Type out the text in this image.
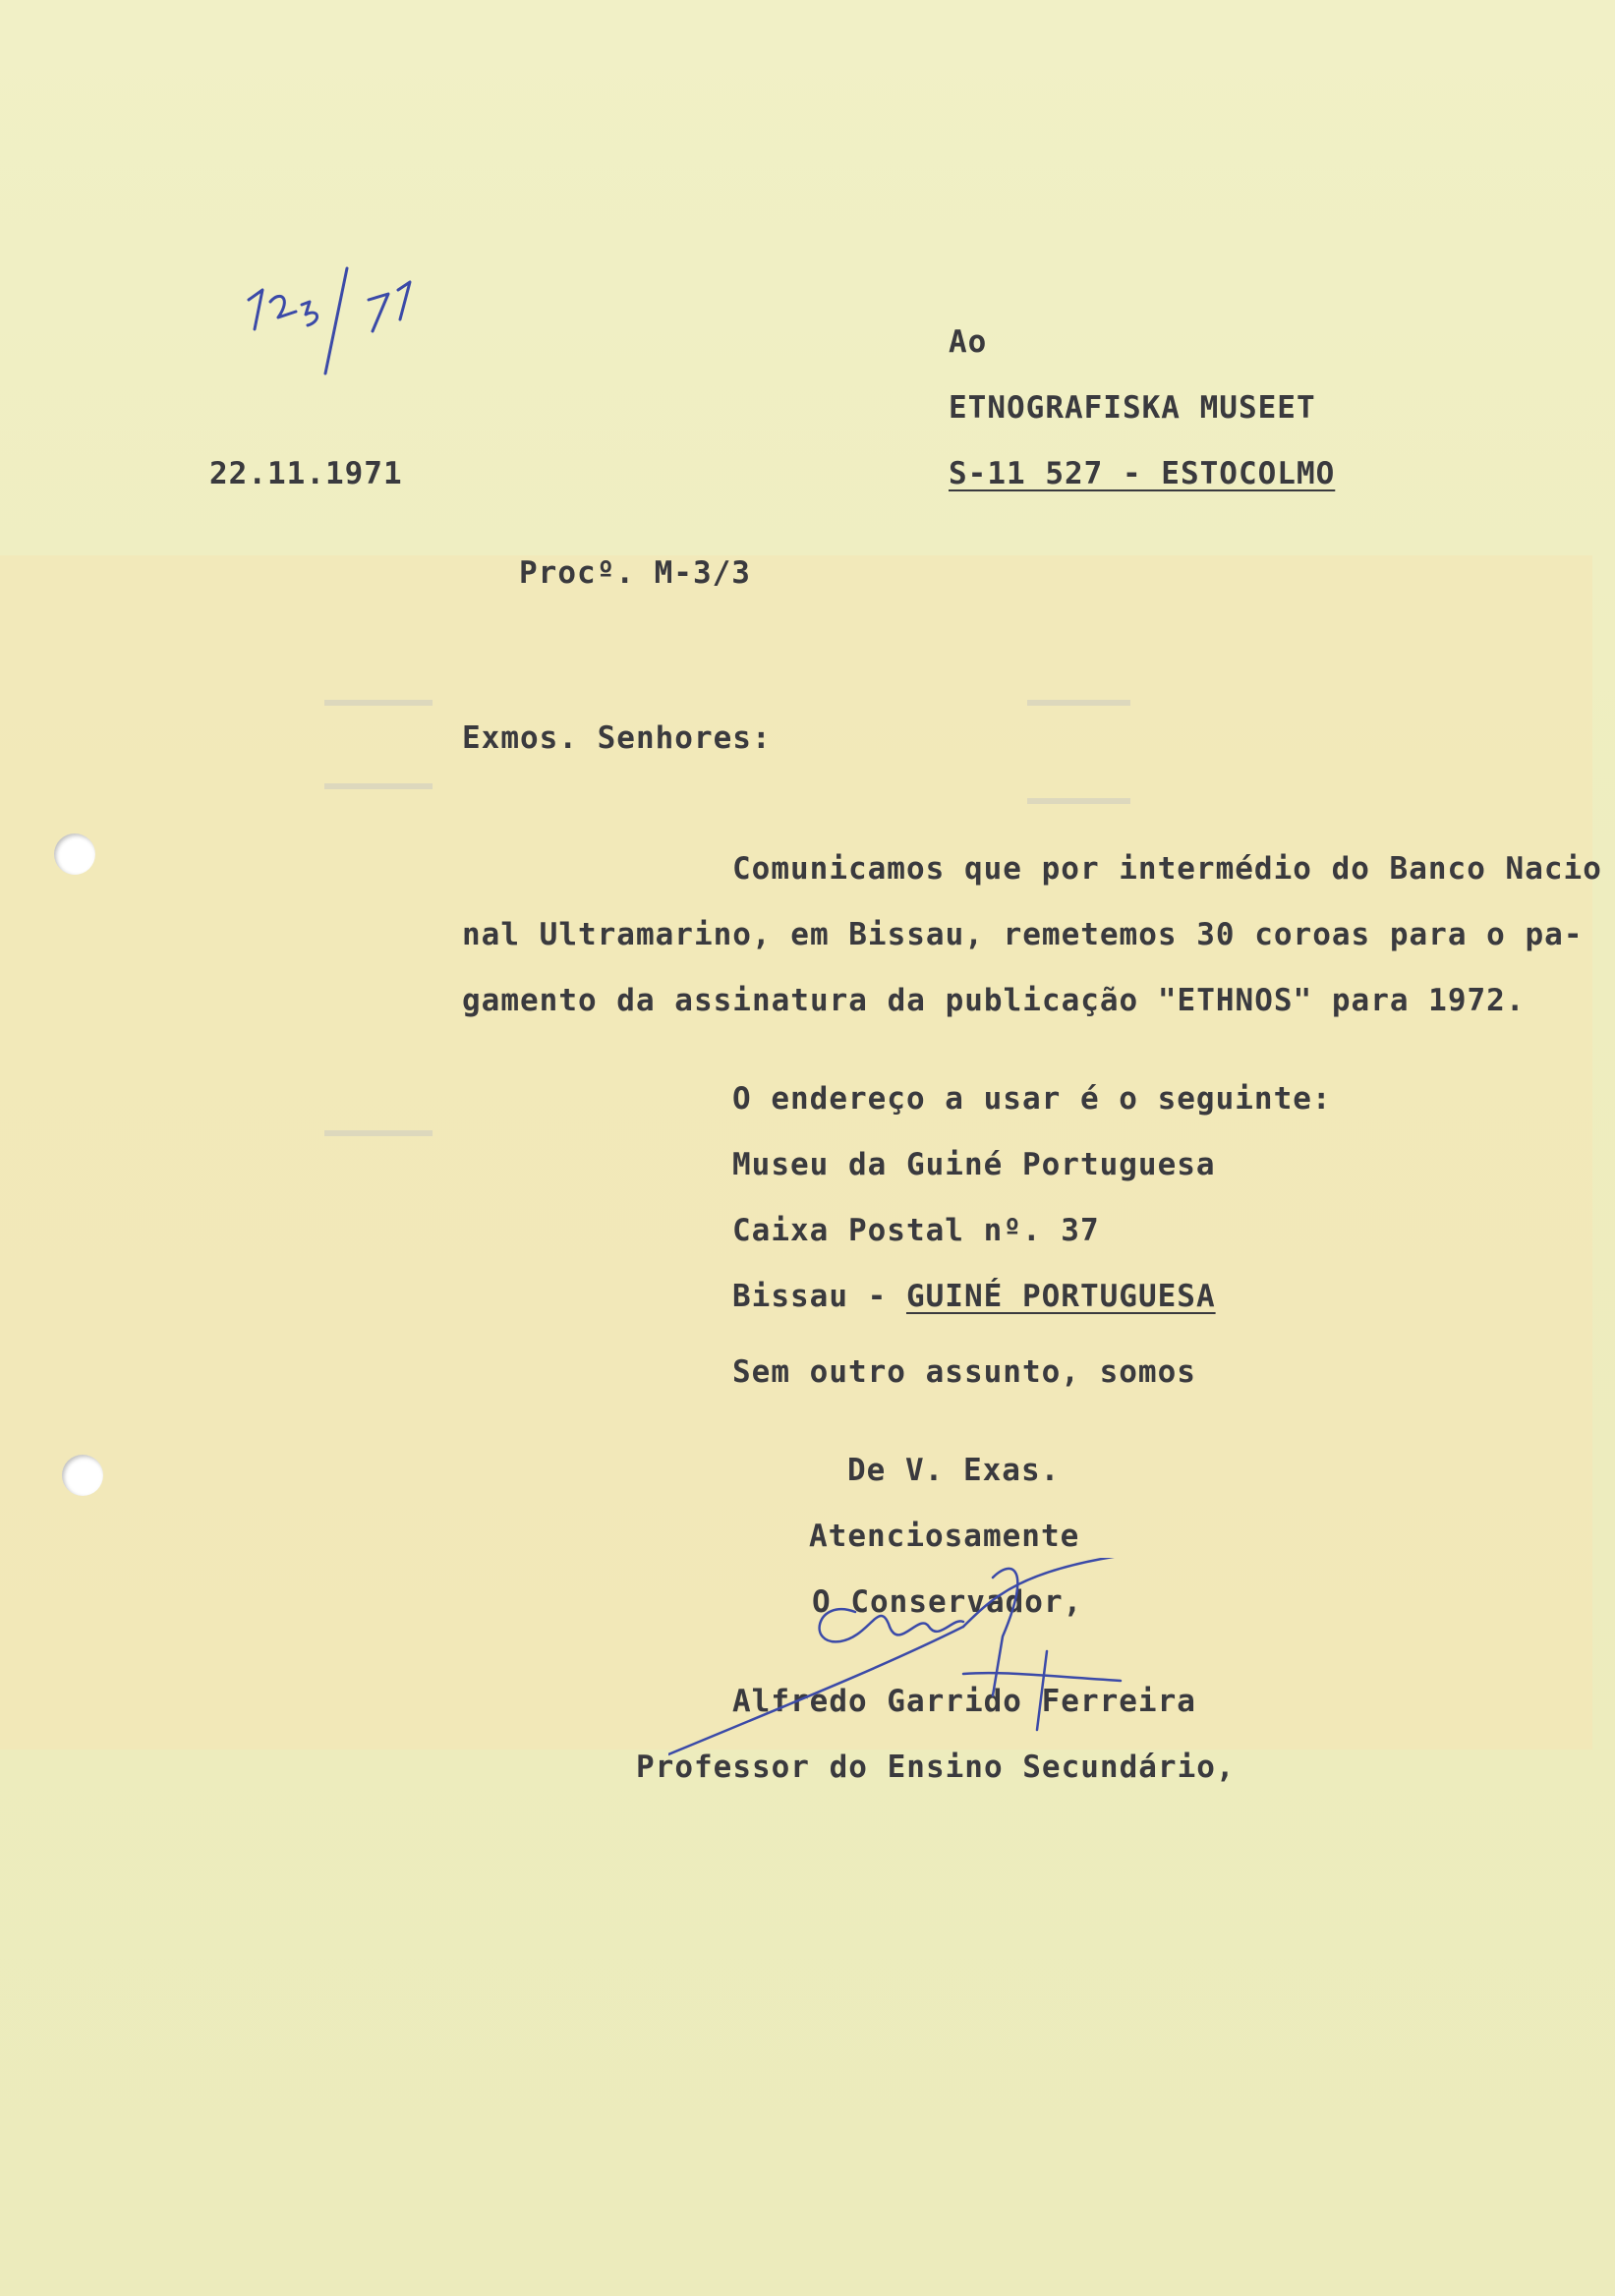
Ao
ETNOGRAFISKA MUSEET
S-11 527 - ESTOCOLMO
22.11.1971
Procº. M-3/3
Exmos. Senhores:
Comunicamos que por intermédio do Banco Nacio
nal Ultramarino, em Bissau, remetemos 30 coroas para o pa-
gamento da assinatura da publicação "ETHNOS" para 1972.
O endereço a usar é o seguinte:
Museu da Guiné Portuguesa
Caixa Postal nº. 37
Bissau - GUINÉ PORTUGUESA
Sem outro assunto, somos
De V. Exas.
Atenciosamente
O Conservador,
Alfredo Garrido Ferreira
Professor do Ensino Secundário,
